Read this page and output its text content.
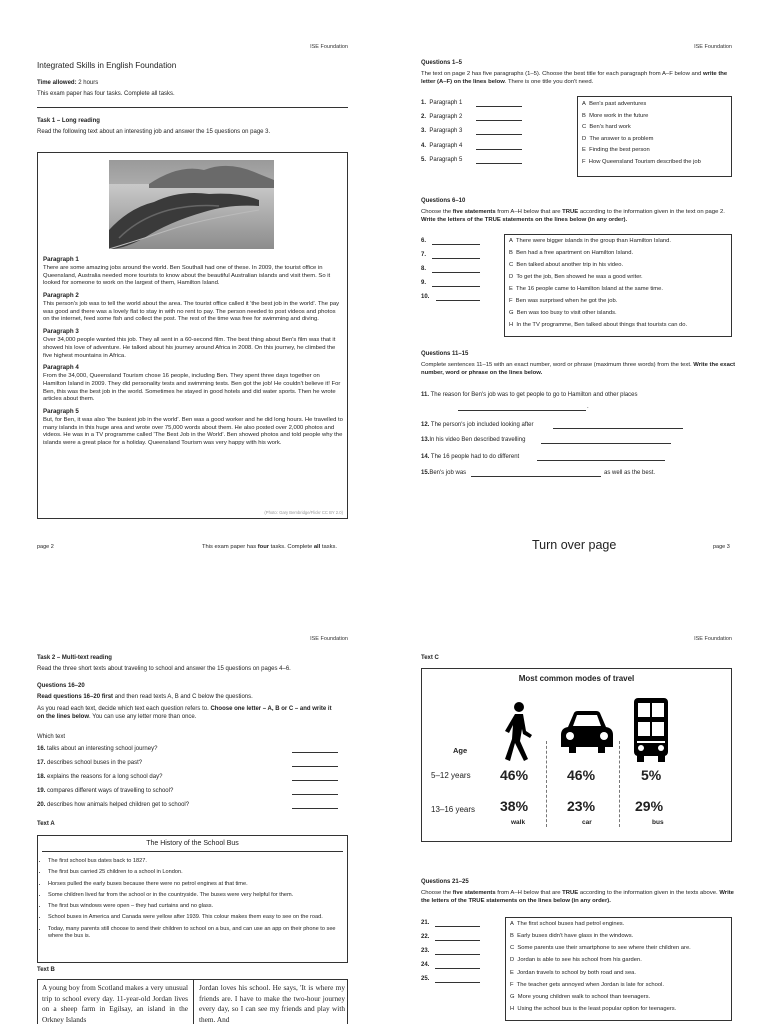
ISE Foundation
Integrated Skills in English Foundation
Time allowed: 2 hours
This exam paper has four tasks. Complete all tasks.
Task 1 – Long reading
Read the following text about an interesting job and answer the 15 questions on page 3.
Paragraph 1

There are some amazing jobs around the world. Ben Southall had one of these. In 2009, the tourist office in Queensland, Australia needed more tourists to know about the beautiful Australian islands and visit them. So it looked for someone to work on the largest of them, Hamilton Island.

Paragraph 2

This person's job was to tell the world about the area. The tourist office called it 'the best job in the world'. The pay was good and there was a lovely flat to stay in with no rent to pay. The person needed to post videos and photos on the internet, feed some fish and collect the post. The rest of the time was free for swimming and diving.

Paragraph 3

Over 34,000 people wanted this job. They all sent in a 60-second film. The best thing about Ben's film was that it showed his love of adventure. He talked about his journey around Africa in 2008. On this journey, he climbed the five highest mountains in Africa.

Paragraph 4

From the 34,000, Queensland Tourism chose 16 people, including Ben. They spent three days together on Hamilton Island in 2009. They did personality tests and swimming tests. Ben got the job! He couldn't believe it! For Ben, this was the best job in the world. Sometimes he stayed in good hotels and did water sports. Then he wrote articles about them.

Paragraph 5

But, for Ben, it was also 'the busiest job in the world'. Ben was a good worker and he did long hours. He travelled to many islands in this huge area and wrote over 75,000 words about them. He also posted over 2,000 photos and videos. He was in a TV programme called 'The Best Job in the World'. Ben showed photos and told people why the islands were a great place for a holiday. Queensland Tourism was very happy with his work.

(Photo: Gary Bembridge/Flickr CC BY 2.0)
page 2	This exam paper has four tasks. Complete all tasks.
ISE Foundation
Questions 1–5
The text on page 2 has five paragraphs (1–5). Choose the best title for each paragraph from A–F below and write the letter (A–F) on the lines below. There is one title you don't need.
1. Paragraph 1
2. Paragraph 2
3. Paragraph 3
4. Paragraph 4
5. Paragraph 5
A Ben's past adventures
B More work in the future
C Ben's hard work
D The answer to a problem
E Finding the best person
F How Queensland Tourism described the job
Questions 6–10
Choose the five statements from A–H below that are TRUE according to the information given in the text on page 2. Write the letters of the TRUE statements on the lines below (in any order).
6.
7.
8.
9.
10.
A There were bigger islands in the group than Hamilton Island.
B Ben had a free apartment on Hamilton Island.
C Ben talked about another trip in his video.
D To get the job, Ben showed he was a good writer.
E The 16 people came to Hamilton Island at the same time.
F Ben was surprised when he got the job.
G Ben was too busy to visit other islands.
H In the TV programme, Ben talked about things that tourists can do.
Questions 11–15
Complete sentences 11–15 with an exact number, word or phrase (maximum three words) from the text. Write the exact number, word or phrase on the lines below.
11. The reason for Ben's job was to get people to go to Hamilton and other places
.
12. The person's job included looking after
13.In his video Ben described travelling
14. The 16 people had to do different
15.Ben's job was	as well as the best.
Turn over page	page 3
ISE Foundation
Task 2 – Multi-text reading
Read the three short texts about traveling to school and answer the 15 questions on pages 4–6.
Questions 16–20
Read questions 16–20 first and then read texts A, B and C below the questions.
As you read each text, decide which text each question refers to. Choose one letter – A, B or C – and write it on the lines below. You can use any letter more than once.
Which text
16. talks about an interesting school journey?
17. describes school buses in the past?
18. explains the reasons for a long school day?
19. compares different ways of travelling to school?
20. describes how animals helped children get to school?
Text A
The History of the School Bus
• The first school bus dates back to 1827.
• The first bus carried 25 children to a school in London.
• Horses pulled the early buses because there were no petrol engines at that time.
• Some children lived far from the school or in the countryside. The buses were very helpful for them.
• The first bus windows were open – they had curtains and no glass.
• School buses in America and Canada were yellow after 1939. This colour makes them easy to see on the road.
• Today, many parents still choose to send their children to school on a bus, and can use an app on their phone to see where the bus is.
Text B
A young boy from Scotland makes a very unusual trip to school every day. 11-year-old Jordan lives on a sheep farm in Egilsay, an island in the Orkney Islands
Jordan loves his school. He says, 'It is where my friends are. I have to make the two-hour journey every day, so I can see my friends and play with them. And
ISE Foundation
Text C
Most common modes of travel
Age
5–12 years 46%	46%	5%
13–16 years 38%	23%	29%
walk	car	bus
Questions 21–25
Choose the five statements from A–H below that are TRUE according to the information given in the texts above. Write the letters of the TRUE statements on the lines below (in any order).
21.
22.
23.
24.
25.
A The first school buses had petrol engines.
B Early buses didn't have glass in the windows.
C Some parents use their smartphone to see where their children are.
D Jordan is able to see his school from his garden.
E Jordan travels to school by both road and sea.
F The teacher gets annoyed when Jordan is late for school.
G More young children walk to school than teenagers.
H Using the school bus is the least popular option for teenagers.
